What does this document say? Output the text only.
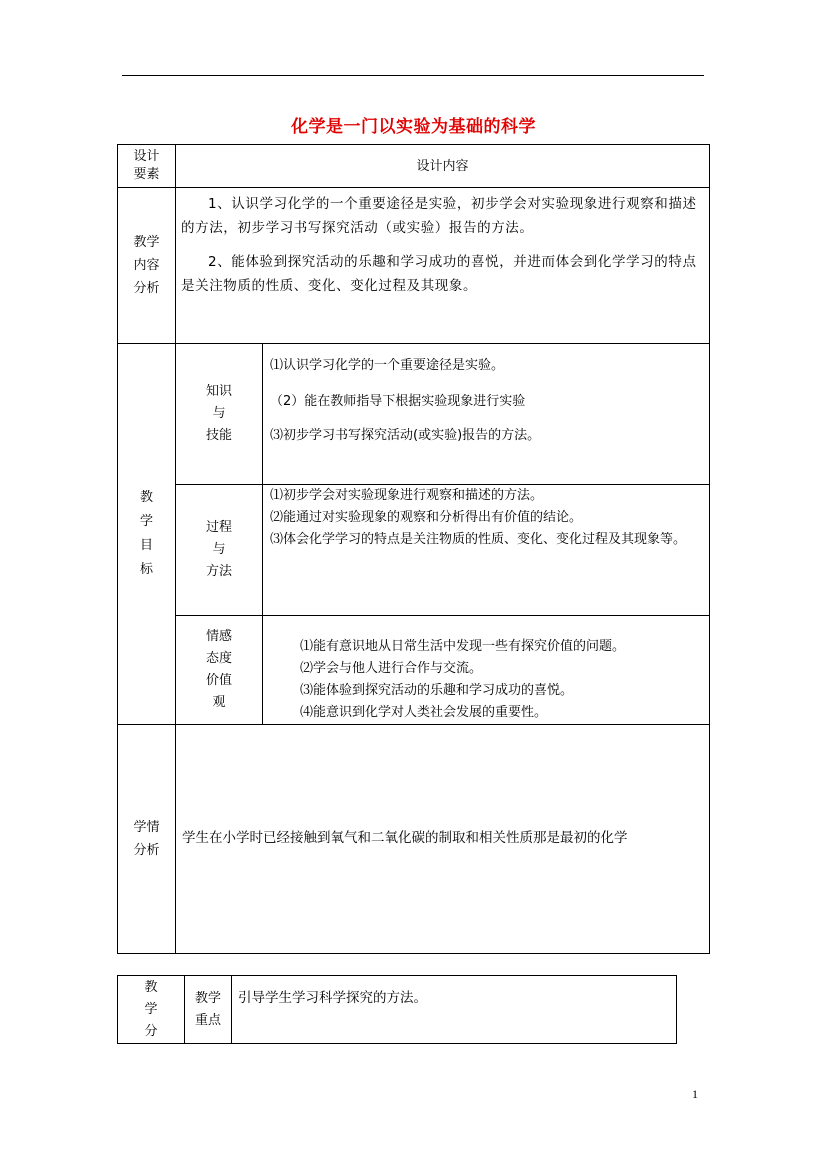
化学是一门以实验为基础的科学
设计
要素
设计内容
教学
内容
分析
1、认识学习化学的一个重要途径是实验，初步学会对实验现象进行观察和描述的方法，初步学习书写探究活动（或实验）报告的方法。
2、能体验到探究活动的乐趣和学习成功的喜悦，并进而体会到化学学习的特点是关注物质的性质、变化、变化过程及其现象。
教
学
目
标
知识
与
技能
⑴认识学习化学的一个重要途径是实验。
（2）能在教师指导下根据实验现象进行实验
⑶初步学习书写探究活动(或实验)报告的方法。
过程
与
方法
⑴初步学会对实验现象进行观察和描述的方法。
⑵能通过对实验现象的观察和分析得出有价值的结论。
⑶体会化学学习的特点是关注物质的性质、变化、变化过程及其现象等。
情感
态度
价值
观
⑴能有意识地从日常生活中发现一些有探究价值的问题。
⑵学会与他人进行合作与交流。
⑶能体验到探究活动的乐趣和学习成功的喜悦。
⑷能意识到化学对人类社会发展的重要性。
学情
分析
学生在小学时已经接触到氧气和二氧化碳的制取和相关性质那是最初的化学
教
学
分
教学
重点
引导学生学习科学探究的方法。
1
